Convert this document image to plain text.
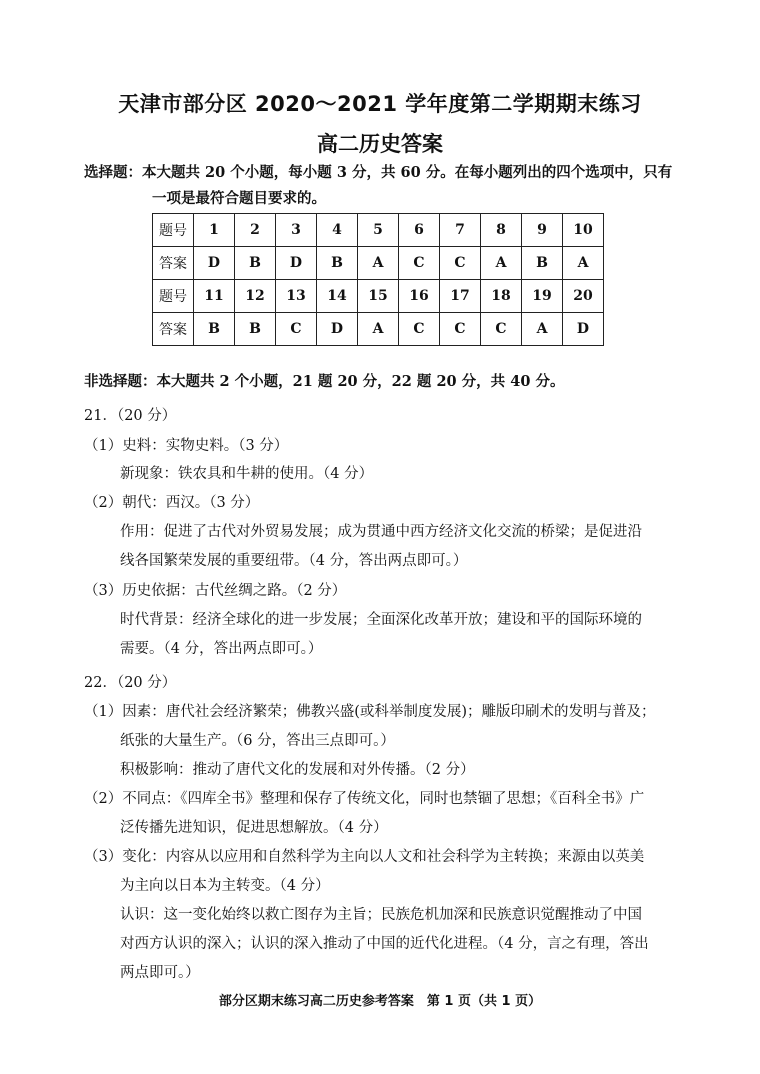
天津市部分区 2020～2021 学年度第二学期期末练习
高二历史答案
选择题：本大题共 20 个小题，每小题 3 分，共 60 分。在每小题列出的四个选项中，只有
一项是最符合题目要求的。
题号	1	2	3	4	5	6	7	8	9	10
答案	D	B	D	B	A	C	C	A	B	A
题号	11	12	13	14	15	16	17	18	19	20
答案	B	B	C	D	A	C	C	C	A	D
非选择题：本大题共 2 个小题，21 题 20 分，22 题 20 分，共 40 分。
21．（20 分）
（1）史料：实物史料。（3 分）
新现象：铁农具和牛耕的使用。（4 分）
（2）朝代：西汉。（3 分）
作用：促进了古代对外贸易发展；成为贯通中西方经济文化交流的桥梁；是促进沿
线各国繁荣发展的重要纽带。（4 分，答出两点即可。）
（3）历史依据：古代丝绸之路。（2 分）
时代背景：经济全球化的进一步发展；全面深化改革开放；建设和平的国际环境的
需要。（4 分，答出两点即可。）
22．（20 分）
（1）因素：唐代社会经济繁荣；佛教兴盛(或科举制度发展)；雕版印刷术的发明与普及；
纸张的大量生产。（6 分，答出三点即可。）
积极影响：推动了唐代文化的发展和对外传播。（2 分）
（2）不同点：《四库全书》整理和保存了传统文化，同时也禁锢了思想；《百科全书》广
泛传播先进知识，促进思想解放。（4 分）
（3）变化：内容从以应用和自然科学为主向以人文和社会科学为主转换；来源由以英美
为主向以日本为主转变。（4 分）
认识：这一变化始终以救亡图存为主旨；民族危机加深和民族意识觉醒推动了中国
对西方认识的深入；认识的深入推动了中国的近代化进程。（4 分，言之有理，答出
两点即可。）
部分区期末练习高二历史参考答案　第 1 页（共 1 页）
